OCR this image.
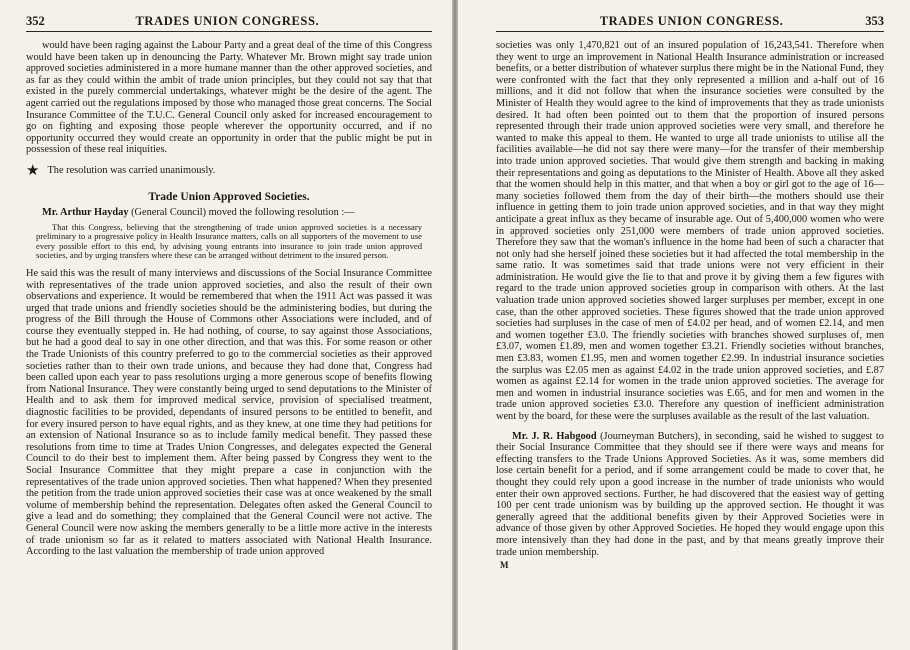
352	TRADES UNION CONGRESS.

would have been raging against the Labour Party and a great deal of the time of this Congress would have been taken up in denouncing the Party. Whatever Mr. Brown might say trade union approved societies administered in a more humane manner than the other approved societies, and as far as they could within the ambit of trade union principles, but they could not say that that existed in the purely commercial undertakings, whatever might be the desire of the agent. The agent carried out the regulations imposed by those who managed those great concerns. The Social Insurance Committee of the T.U.C. General Council only asked for increased encouragement to go on fighting and exposing those people wherever the opportunity occurred, and if no opportunity occurred they would create an opportunity in order that the public might be put in possession of these real iniquities.

★ The resolution was carried unanimously.
Trade Union Approved Societies.

Mr. Arthur Hayday (General Council) moved the following resolution :—

That this Congress, believing that the strengthening of trade union approved societies is a necessary preliminary to a progressive policy in Health Insurance matters, calls on all supporters of the movement to use every possible effort to this end, by advising young entrants into insurance to join trade union approved societies, and by urging transfers where these can be arranged without detriment to the insured person.

He said this was the result of many interviews and discussions of the Social Insurance Committee with representatives of the trade union approved societies, and also the result of their own observations and experience. It would be remembered that when the 1911 Act was passed it was urged that trade unions and friendly societies should be the administering bodies, but during the progress of the Bill through the House of Commons other Associations were included, and of course they eventually stepped in. He had nothing, of course, to say against those Associations, but he had a good deal to say in one other direction, and that was this. For some reason or other the Trade Unionists of this country preferred to go to the commercial societies as their approved societies rather than to their own trade unions, and because they had done that, Congress had been called upon each year to pass resolutions urging a more generous scope of benefits flowing from National Insurance. They were constantly being urged to send deputations to the Minister of Health and to ask them for improved medical service, provision of specialised treatment, diagnostic facilities to be provided, dependants of insured persons to be entitled to benefit, and for every insured person to have equal rights, and as they knew, at one time they had petitions for an extension of National Insurance so as to include family medical benefit. They passed these resolutions from time to time at Trades Union Congresses, and delegates expected the General Council to do their best to implement them. After being passed by Congress they went to the Social Insurance Committee that they might prepare a case in conjunction with the representatives of the trade union approved societies. Then what happened? When they presented the petition from the trade union approved societies their case was at once weakened by the small volume of membership behind the representation. Delegates often asked the General Council to give a lead and do something; they complained that the General Council were not active. The General Council were now asking the members generally to be a little more active in the interests of trade unionism so far as it related to matters associated with National Health Insurance. According to the last valuation the membership of trade union approved

TRADES UNION CONGRESS.	353

societies was only 1,470,821 out of an insured population of 16,243,541. Therefore when they went to urge an improvement in National Health Insurance administration or increased benefits, or a better distribution of whatever surplus there might be in the National Fund, they were confronted with the fact that they only represented a million and a-half out of 16 millions, and it did not follow that when the insurance societies were consulted by the Minister of Health they would agree to the kind of improvements that they as trade unionists desired. It had often been pointed out to them that the proportion of insured persons represented through their trade union approved societies were very small, and therefore he wanted to make this appeal to them. He wanted to urge all trade unionists to utilise all the facilities available—he did not say there were many—for the transfer of their membership into trade union approved societies. That would give them strength and backing in making their representations and going as deputations to the Minister of Health. Above all they asked that the women should help in this matter, and that when a boy or girl got to the age of 16—many societies followed them from the day of their birth—the mothers should use their influence in getting them to join trade union approved societies, and in that way they might anticipate a great influx as they became of insurable age. Out of 5,400,000 women who were in approved societies only 251,000 were members of trade union approved societies. Therefore they saw that the woman's influence in the home had been of such a character that not only had she herself joined these societies but it had affected the total membership in the same ratio. It was sometimes said that trade unions were not very efficient in their administration. He would give the lie to that and prove it by giving them a few figures with regard to the trade union approved societies group in comparison with others. At the last valuation trade union approved societies showed larger surpluses per member, except in one case, than the other approved societies. These figures showed that the trade union approved societies had surpluses in the case of men of £4.02 per head, and of women £2.14, and men and women together £3.0. The friendly societies with branches showed surpluses of, men £3.07, women £1.89, men and women together £3.21. Friendly societies without branches, men £3.83, women £1.95, men and women together £2.99. In industrial insurance societies the surplus was £2.05 men as against £4.02 in the trade union approved societies, and £.87 women as against £2.14 for women in the trade union approved societies. The average for men and women in industrial insurance societies was £.65, and for men and women in the trade union approved societies £3.0. Therefore any question of inefficient administration went by the board, for these were the surpluses available as the result of the last valuation.

Mr. J. R. Habgood (Journeyman Butchers), in seconding, said he wished to suggest to their Social Insurance Committee that they should see if there were ways and means for effecting transfers to the Trade Unions Approved Societies. As it was, some members did lose certain benefit for a period, and if some arrangement could be made to cover that, he thought they could rely upon a good increase in the number of trade unionists who would enter their own approved sections. Further, he had discovered that the easiest way of getting 100 per cent trade unionism was by building up the approved section. He thought it was generally agreed that the additional benefits given by their Approved Societies were in advance of those given by other Approved Societies. He hoped they would engage upon this more intensively than they had done in the past, and by that means greatly improve their trade union membership.

M
